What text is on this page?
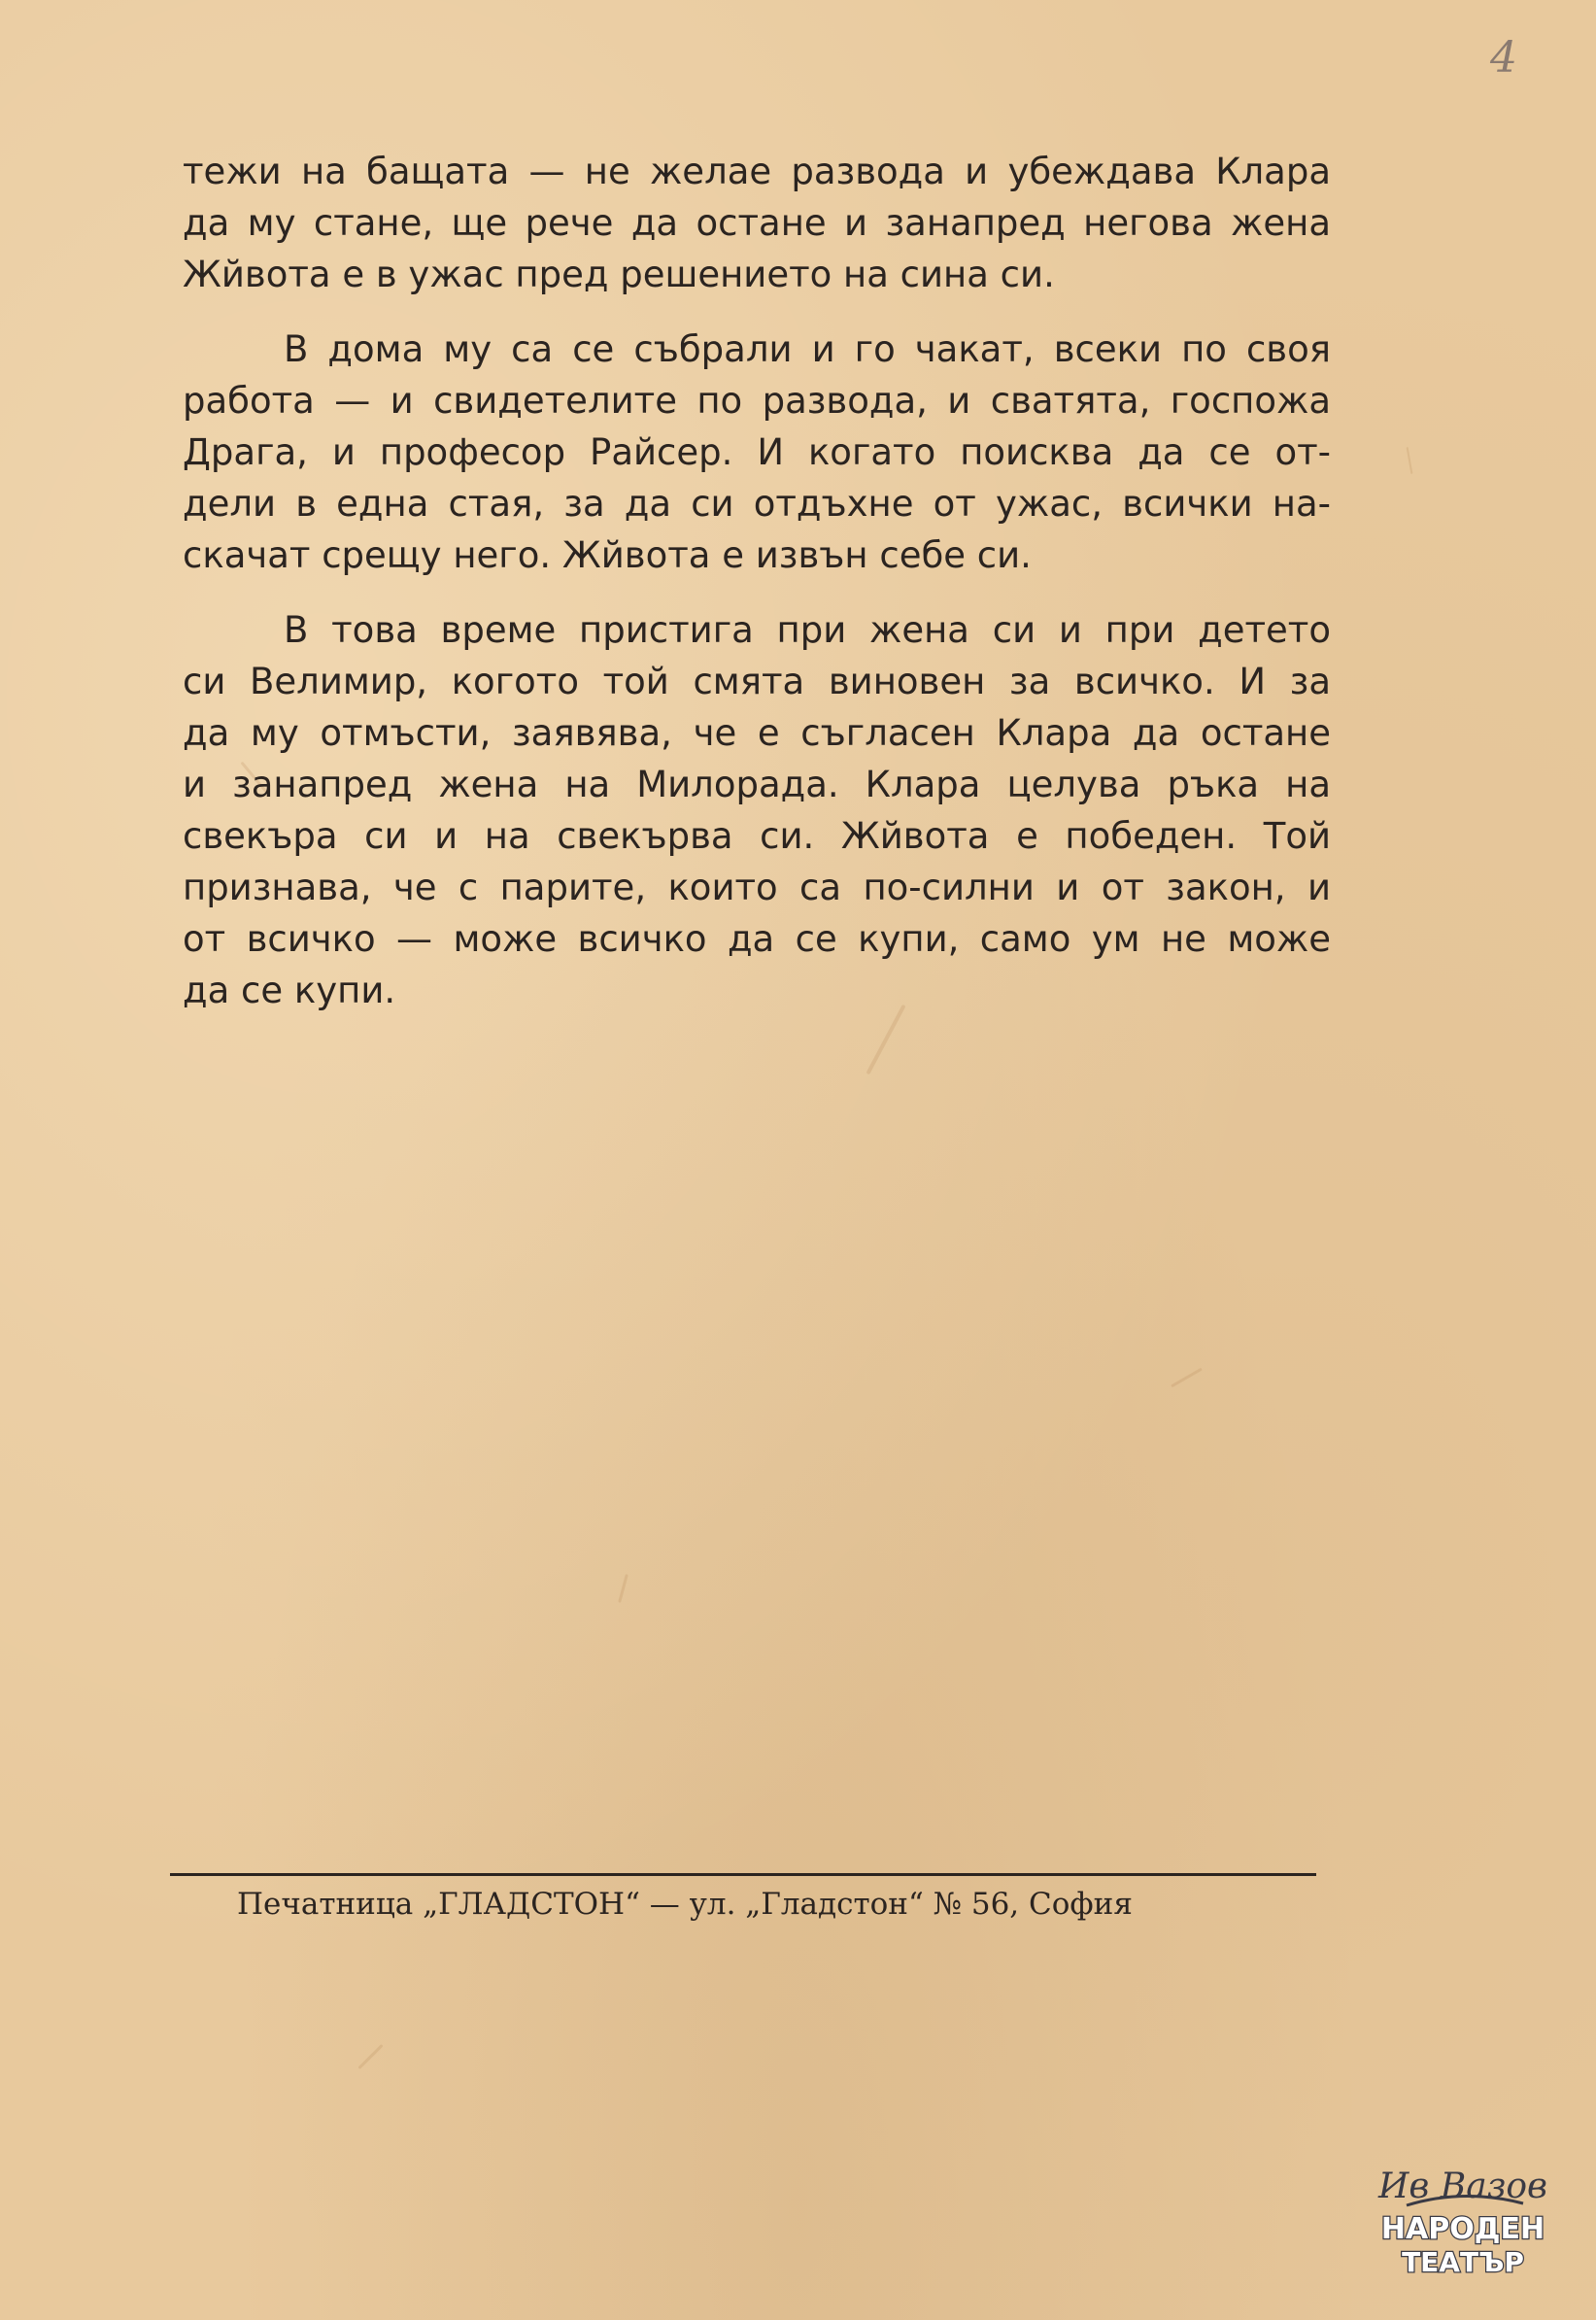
4

тежи на бащата — не желае развода и убеждава Клара
да му стане, ще рече да остане и занапред негова жена
Жйвота е в ужас пред решението на сина си.

В дома му са се събрали и го чакат, всеки по своя
работа — и свидетелите по развода, и сватята, госпожа
Драга, и професор Райсер. И когато поисква да се от-
дели в една стая, за да си отдъхне от ужас, всички на-
скачат срещу него. Жйвота е извън себе си.

В това време пристига при жена си и при детето
си Велимир, когото той смята виновен за всичко. И за
да му отмъсти, заявява, че е съгласен Клара да остане
и занапред жена на Милорада. Клара целува ръка на
свекъра си и на свекърва си. Жйвота е победен. Той
признава, че с парите, които са по-силни и от закон, и
от всичко — може всичко да се купи, само ум не може
да се купи.

Печатница „ГЛАДСТОН“ — ул. „Гладстон“ № 56, София
Ив Вазов
НАРОДЕН
ТЕАТЪР
